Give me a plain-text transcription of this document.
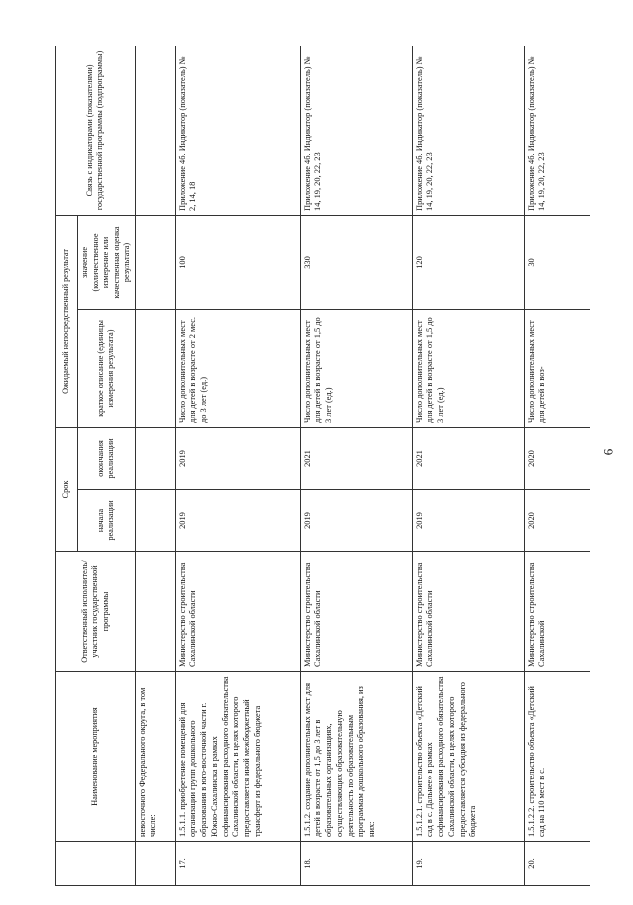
6
	Наименование мероприятия	Ответственный исполнитель/участник государственной программы	Срок		Ожидаемый непосредственный результат		Связь с индикаторами (показателями) государственной программы (подпрограммы)
			начала реализации	окончания реализации	краткое описание (единицы измерения результата)	значение (количественное измерение или качественная оценка результата)	
	невосточного Федерального округа, в том числе:						
17.	1.5.1.1. приобретение помещений для организации групп дошкольного образования в юго-восточной части г. Южно-Сахалинска в рамках софинансирования расходного обязательства Сахалинской области, в целях которого предоставляется иной межбюджетный трансферт из федерального бюджета	Министерство строительства Сахалинской области	2019	2019	Число дополнительных мест для детей в возрасте от 2 мес. до 3 лет (ед.)	100	Приложение 4б. Индикатор (показатель) № 2, 14, 18
18.	1.5.1.2. создание дополнительных мест для детей в возрасте от 1,5 до 3 лет в образовательных организациях, осуществляющих образовательную деятельность по образовательным программам дошкольного образования, из них:	Министерство строительства Сахалинской области	2019	2021	Число дополнительных мест для детей в возрасте от 1,5 до 3 лет (ед.)	330	Приложение 4б. Индикатор (показатель) № 14, 19, 20, 22, 23
19.	1.5.1.2.1. строительство объекта «Детский сад в с. Дальнее» в рамках софинансирования расходного обязательства Сахалинской области, в целях которого предоставляется субсидия из федерального бюджета	Министерство строительства Сахалинской области	2019	2021	Число дополнительных мест для детей в возрасте от 1,5 до 3 лет (ед.)	120	Приложение 4б. Индикатор (показатель) № 14, 19, 20, 22, 23
20.	1.5.1.2.2. строительство объекта «Детский сад на 110 мест в с.	Министерство строительства Сахалинской	2020	2020	Число дополнительных мест для детей в воз-	30	Приложение 4б. Индикатор (показатель) № 14, 19, 20, 22, 23
